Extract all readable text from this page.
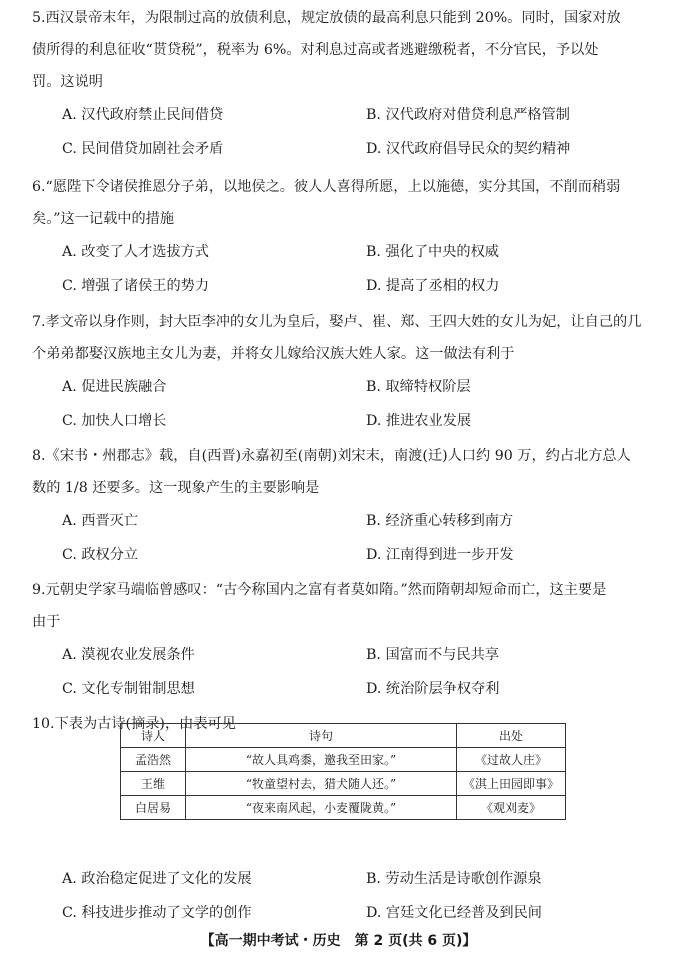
5.西汉景帝末年，为限制过高的放债利息，规定放债的最高利息只能到 20%。同时，国家对放
债所得的利息征收“贳贷税”，税率为 6%。对利息过高或者逃避缴税者，不分官民，予以处
罚。这说明
A. 汉代政府禁止民间借贷	B. 汉代政府对借贷利息严格管制
C. 民间借贷加剧社会矛盾	D. 汉代政府倡导民众的契约精神
6.“愿陛下令诸侯推恩分子弟，以地侯之。彼人人喜得所愿，上以施德，实分其国，不削而稍弱
矣。”这一记载中的措施
A. 改变了人才选拔方式	B. 强化了中央的权威
C. 增强了诸侯王的势力	D. 提高了丞相的权力
7.孝文帝以身作则，封大臣李冲的女儿为皇后，娶卢、崔、郑、王四大姓的女儿为妃，让自己的几
个弟弟都娶汉族地主女儿为妻，并将女儿嫁给汉族大姓人家。这一做法有利于
A. 促进民族融合	B. 取缔特权阶层
C. 加快人口增长	D. 推进农业发展
8.《宋书・州郡志》载，自(西晋)永嘉初至(南朝)刘宋末，南渡(迁)人口约 90 万，约占北方总人
数的 1/8 还要多。这一现象产生的主要影响是
A. 西晋灭亡	B. 经济重心转移到南方
C. 政权分立	D. 江南得到进一步开发
9.元朝史学家马端临曾感叹：“古今称国内之富有者莫如隋。”然而隋朝却短命而亡，这主要是
由于
A. 漠视农业发展条件	B. 国富而不与民共享
C. 文化专制钳制思想	D. 统治阶层争权夺利
10.下表为古诗(摘录)，由表可见
诗人	诗句	出处
孟浩然	“故人具鸡黍，邀我至田家。”	《过故人庄》
王维	“牧童望村去，猎犬随人还。”	《淇上田园即事》
白居易	“夜来南风起，小麦覆陇黄。”	《观刈麦》
A. 政治稳定促进了文化的发展	B. 劳动生活是诗歌创作源泉
C. 科技进步推动了文学的创作	D. 宫廷文化已经普及到民间
【高一期中考试・历史　第 2 页(共 6 页)】
